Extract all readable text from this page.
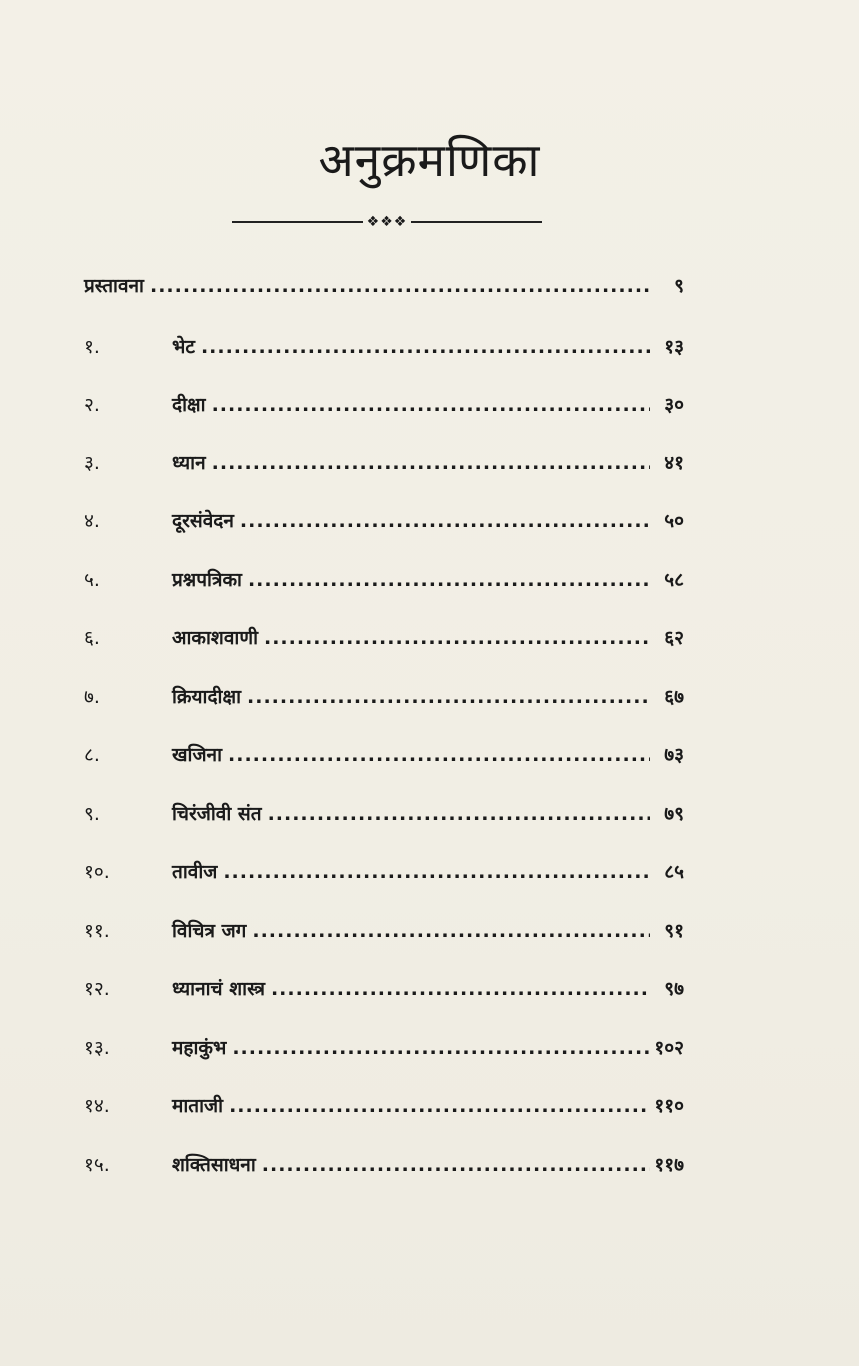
अनुक्रमणिका
❖❖❖
प्रस्तावना .....	९
१.	भेट .....	१३
२.	दीक्षा .....	३०
३.	ध्यान .....	४१
४.	दूरसंवेदन .....	५०
५.	प्रश्नपत्रिका .....	५८
६.	आकाशवाणी .....	६२
७.	क्रियादीक्षा .....	६७
८.	खजिना .....	७३
९.	चिरंजीवी संत .....	७९
१०.	तावीज .....	८५
११.	विचित्र जग .....	९१
१२.	ध्यानाचं शास्त्र .....	९७
१३.	महाकुंभ .....	१०२
१४.	माताजी .....	११०
१५.	शक्तिसाधना .....	११७
